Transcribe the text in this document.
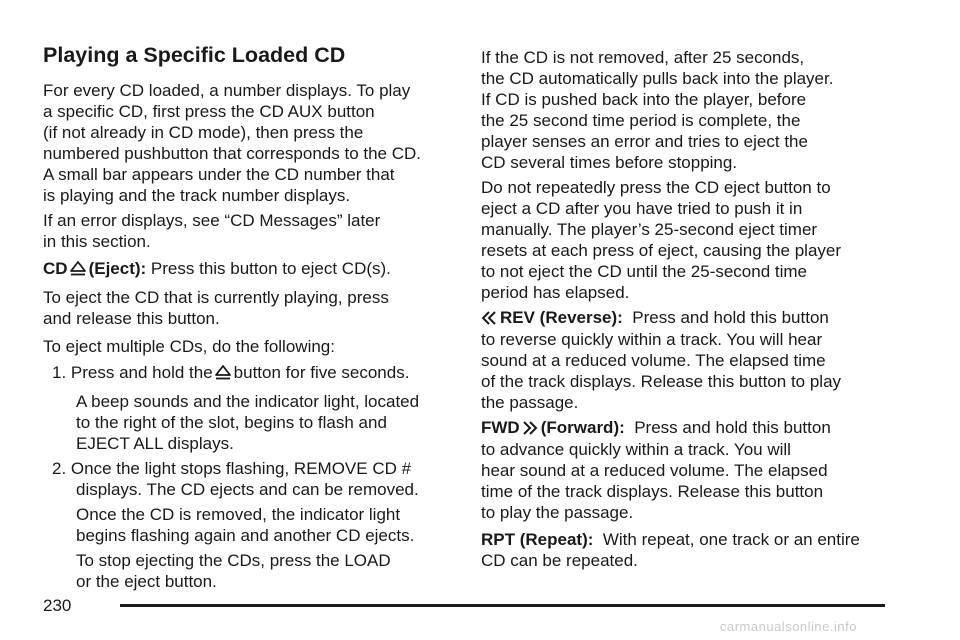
Playing a Specific Loaded CD
For every CD loaded, a number displays. To play
a specific CD, first press the CD AUX button
(if not already in CD mode), then press the
numbered pushbutton that corresponds to the CD.
A small bar appears under the CD number that
is playing and the track number displays.
If an error displays, see “CD Messages” later
in this section.
CD (Eject): Press this button to eject CD(s).
To eject the CD that is currently playing, press
and release this button.
To eject multiple CDs, do the following:
1. Press and hold the button for five seconds.
A beep sounds and the indicator light, located
to the right of the slot, begins to flash and
EJECT ALL displays.
2. Once the light stops flashing, REMOVE CD #
displays. The CD ejects and can be removed.
Once the CD is removed, the indicator light
begins flashing again and another CD ejects.
To stop ejecting the CDs, press the LOAD
or the eject button.
If the CD is not removed, after 25 seconds,
the CD automatically pulls back into the player.
If CD is pushed back into the player, before
the 25 second time period is complete, the
player senses an error and tries to eject the
CD several times before stopping.
Do not repeatedly press the CD eject button to
eject a CD after you have tried to push it in
manually. The player’s 25-second eject timer
resets at each press of eject, causing the player
to not eject the CD until the 25-second time
period has elapsed.
REV (Reverse): Press and hold this button
to reverse quickly within a track. You will hear
sound at a reduced volume. The elapsed time
of the track displays. Release this button to play
the passage.
FWD (Forward): Press and hold this button
to advance quickly within a track. You will
hear sound at a reduced volume. The elapsed
time of the track displays. Release this button
to play the passage.
RPT (Repeat): With repeat, one track or an entire
CD can be repeated.
230
carmanualsonline.info
